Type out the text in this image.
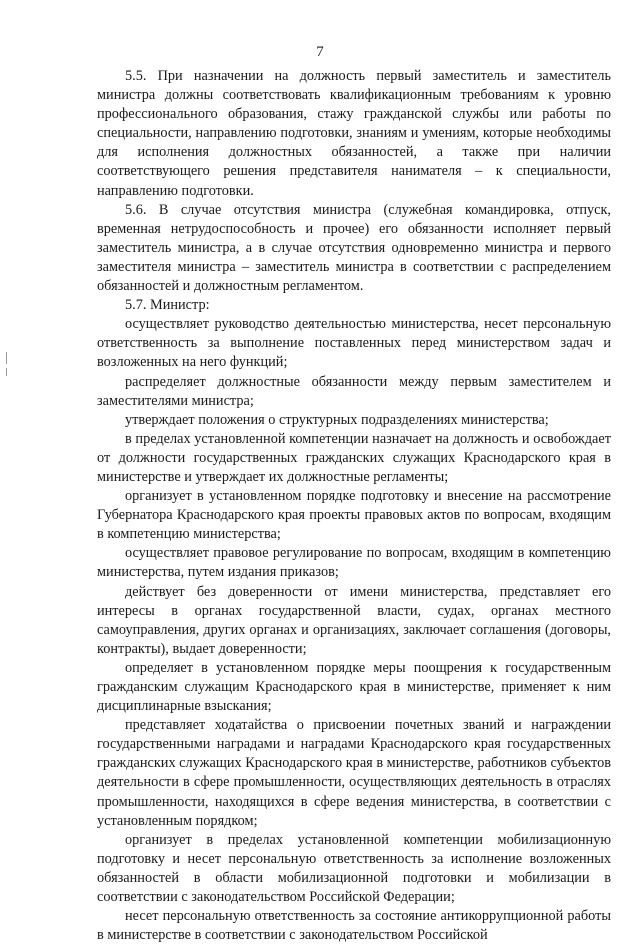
7

5.5. При назначении на должность первый заместитель и заместитель министра должны соответствовать квалификационным требованиям к уровню профессионального образования, стажу гражданской службы или работы по специальности, направлению подготовки, знаниям и умениям, которые необходимы для исполнения должностных обязанностей, а также при наличии соответствующего решения представителя нанимателя – к специальности, направлению подготовки.

5.6. В случае отсутствия министра (служебная командировка, отпуск, временная нетрудоспособность и прочее) его обязанности исполняет первый заместитель министра, а в случае отсутствия одновременно министра и первого заместителя министра – заместитель министра в соответствии с распределением обязанностей и должностным регламентом.

5.7. Министр:

осуществляет руководство деятельностью министерства, несет персональную ответственность за выполнение поставленных перед министерством задач и возложенных на него функций;

распределяет должностные обязанности между первым заместителем и заместителями министра;

утверждает положения о структурных подразделениях министерства;

в пределах установленной компетенции назначает на должность и освобождает от должности государственных гражданских служащих Краснодарского края в министерстве и утверждает их должностные регламенты;

организует в установленном порядке подготовку и внесение на рассмотрение Губернатора Краснодарского края проекты правовых актов по вопросам, входящим в компетенцию министерства;

осуществляет правовое регулирование по вопросам, входящим в компетенцию министерства, путем издания приказов;

действует без доверенности от имени министерства, представляет его интересы в органах государственной власти, судах, органах местного самоуправления, других органах и организациях, заключает соглашения (договоры, контракты), выдает доверенности;

определяет в установленном порядке меры поощрения к государственным гражданским служащим Краснодарского края в министерстве, применяет к ним дисциплинарные взыскания;

представляет ходатайства о присвоении почетных званий и награждении государственными наградами и наградами Краснодарского края государственных гражданских служащих Краснодарского края в министерстве, работников субъектов деятельности в сфере промышленности, осуществляющих деятельность в отраслях промышленности, находящихся в сфере ведения министерства, в соответствии с установленным порядком;

организует в пределах установленной компетенции мобилизационную подготовку и несет персональную ответственность за исполнение возложенных обязанностей в области мобилизационной подготовки и мобилизации в соответствии с законодательством Российской Федерации;

несет персональную ответственность за состояние антикоррупционной работы в министерстве в соответствии с законодательством Российской
